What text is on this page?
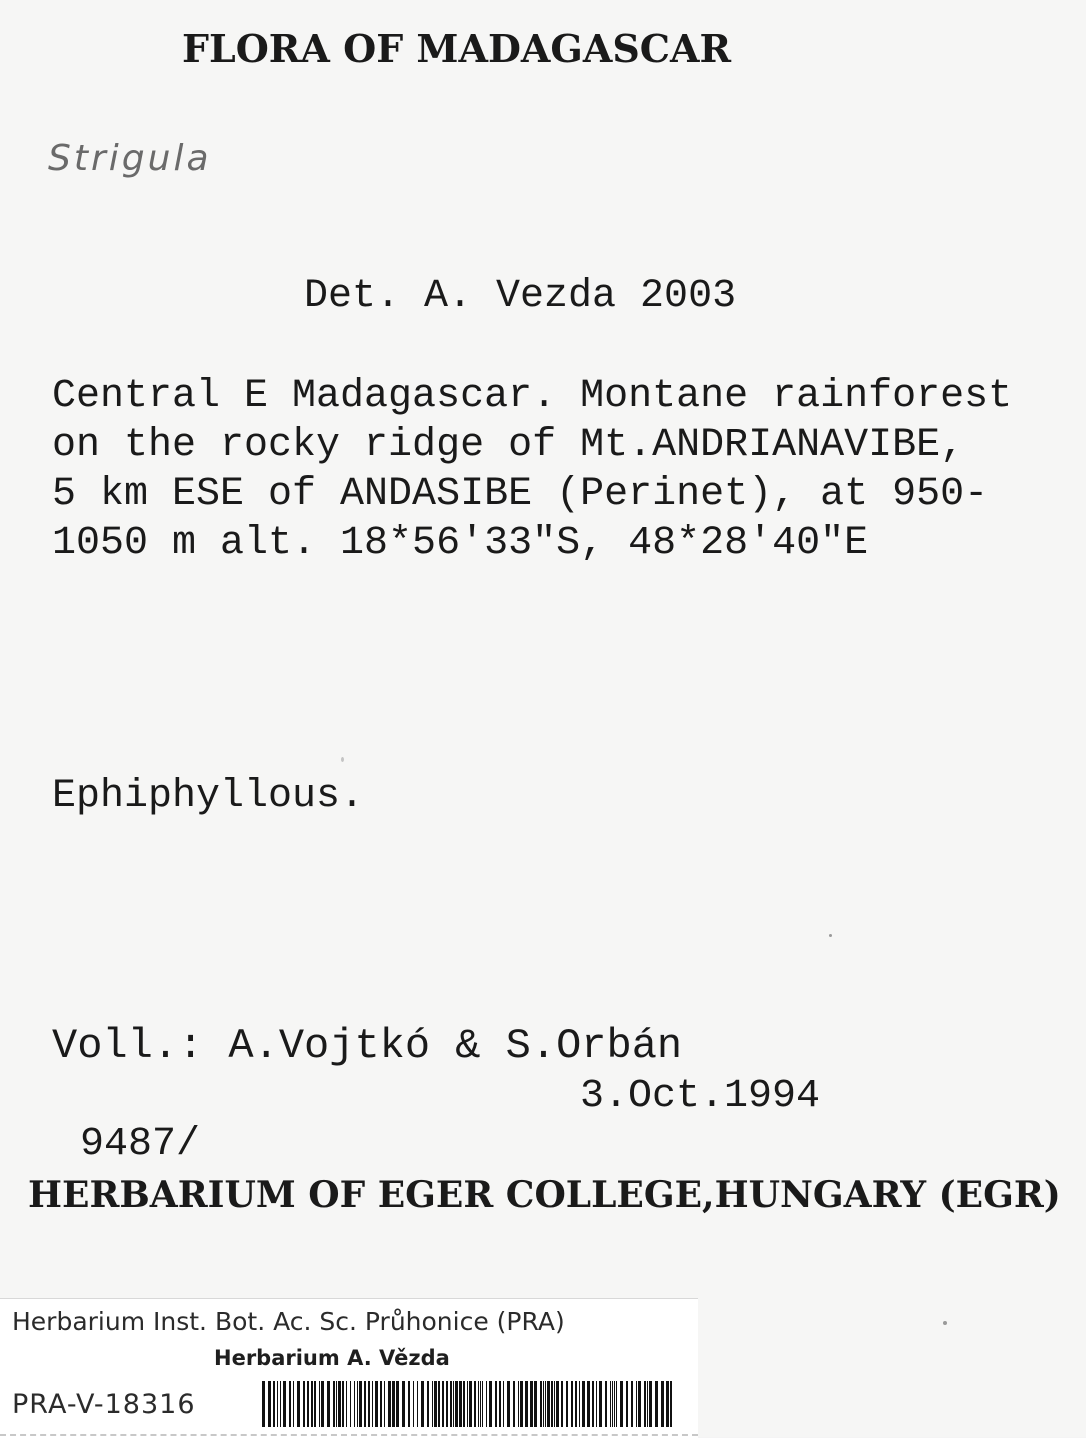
FLORA OF MADAGASCAR
Strigula
Det. A. Vezda 2003
Central E Madagascar. Montane rainforest
on the rocky ridge of Mt.ANDRIANAVIBE,
5 km ESE of ANDASIBE (Perinet), at 950-
1050 m alt. 18*56'33"S, 48*28'40"E
Ephiphyllous.
Voll.: A.Vojtkó & S.Orbán
3.Oct.1994
9487/
HERBARIUM OF EGER COLLEGE,HUNGARY (EGR)
Herbarium Inst. Bot. Ac. Sc. Průhonice (PRA)
Herbarium A. Vězda
PRA-V-18316
